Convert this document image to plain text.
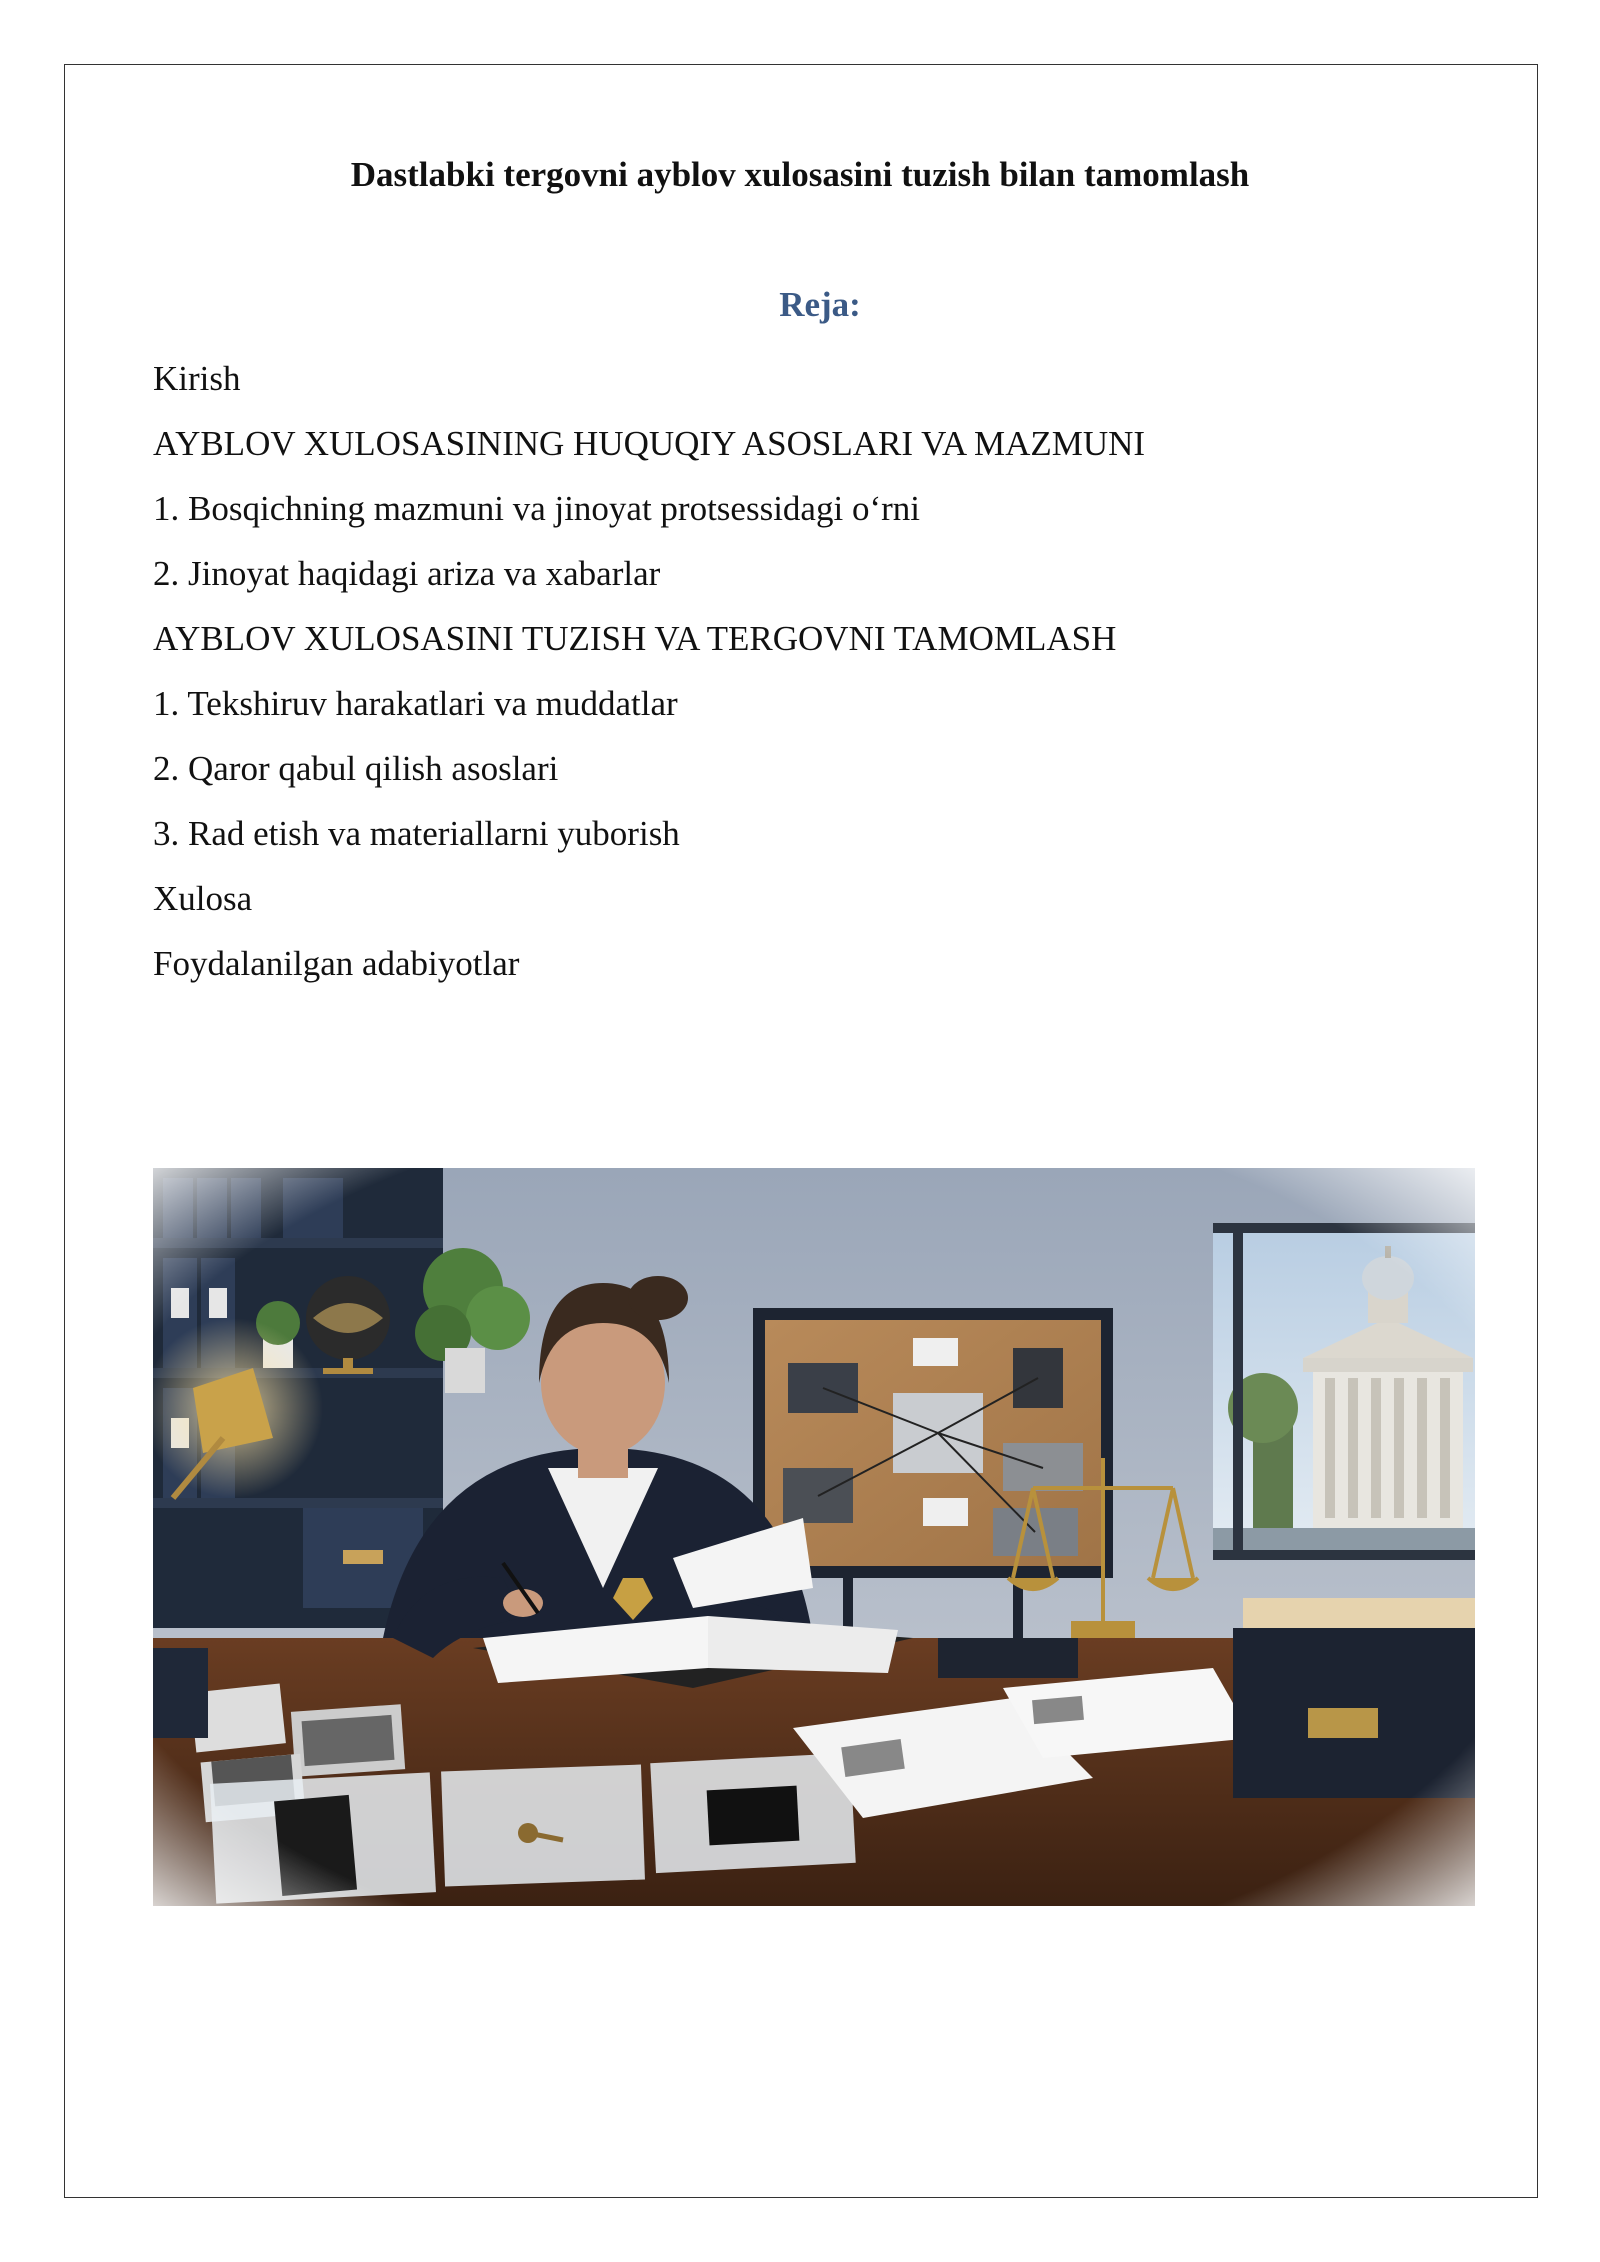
Dastlabki tergovni ayblov xulosasini tuzish bilan tamomlash
Reja:
Kirish
AYBLOV XULOSASINING HUQUQIY ASOSLARI VA MAZMUNI
1. Bosqichning mazmuni va jinoyat protsessidagi o‘rni
2. Jinoyat haqidagi ariza va xabarlar
AYBLOV XULOSASINI TUZISH VA TERGOVNI TAMOMLASH
1. Tekshiruv harakatlari va muddatlar
2. Qaror qabul qilish asoslari
3. Rad etish va materiallarni yuborish
Xulosa
Foydalanilgan adabiyotlar
